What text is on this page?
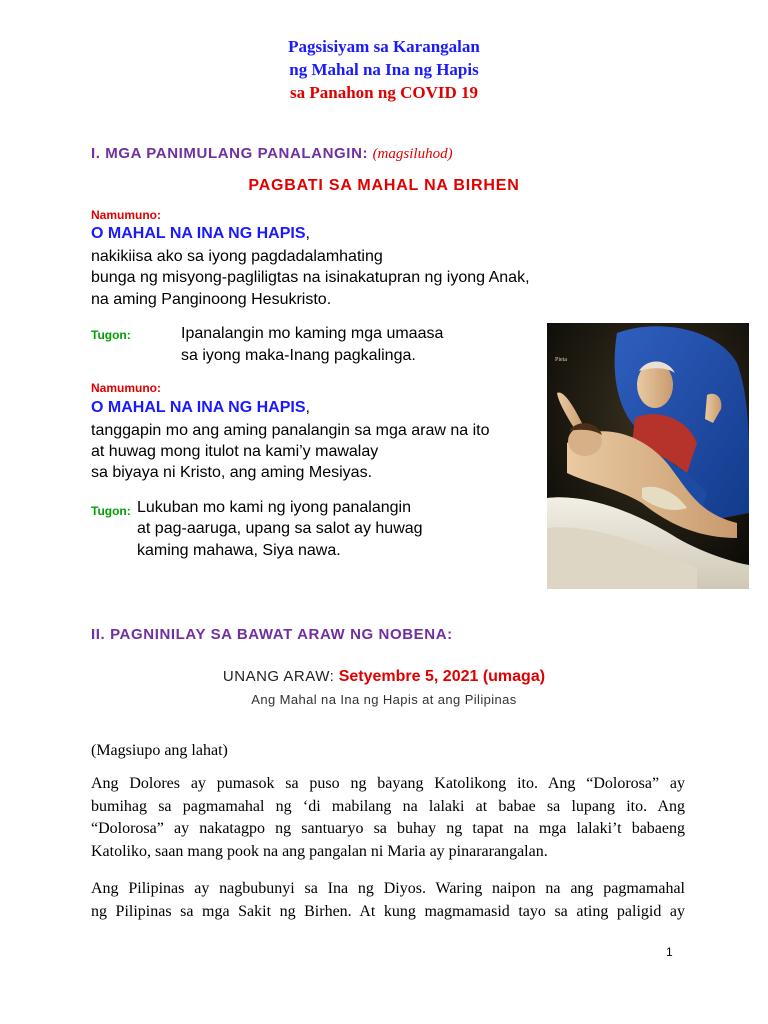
Pagsisiyam sa Karangalan
ng Mahal na Ina ng Hapis
sa Panahon ng COVID 19
I. MGA PANIMULANG PANALANGIN: (magsiluhod)
PAGBATI SA MAHAL NA BIRHEN
Namumuno:
O MAHAL NA INA NG HAPIS,
nakikiisa ako sa iyong pagdadalamhating
bunga ng misyong-pagliligtas na isinakatupran ng iyong Anak,
na aming Panginoong Hesukristo.
Tugon:	Ipanalangin mo kaming mga umaasa
sa iyong maka-Inang pagkalinga.
Namumuno:
O MAHAL NA INA NG HAPIS,
tanggapin mo ang aming panalangin sa mga araw na ito
at huwag mong itulot na kami’y mawalay
sa biyaya ni Kristo, ang aming Mesiyas.
Tugon: Lukuban mo kami ng iyong panalangin
at pag-aaruga, upang sa salot ay huwag
kaming mahawa, Siya nawa.
Pieta
II. PAGNINILAY SA BAWAT ARAW NG NOBENA:
UNANG ARAW: Setyembre 5, 2021 (umaga)
Ang Mahal na Ina ng Hapis at ang Pilipinas
(Magsiupo ang lahat)
Ang Dolores ay pumasok sa puso ng bayang Katolikong ito. Ang “Dolorosa” ay
bumihag sa pagmamahal ng ‘di mabilang na lalaki at babae sa lupang ito. Ang
“Dolorosa” ay nakatagpo ng santuaryo sa buhay ng tapat na mga lalaki’t babaeng
Katoliko, saan mang pook na ang pangalan ni Maria ay pinararangalan.
Ang Pilipinas ay nagbubunyi sa Ina ng Diyos. Waring naipon na ang pagmamahal
ng Pilipinas sa mga Sakit ng Birhen. At kung magmamasid tayo sa ating paligid ay
1
